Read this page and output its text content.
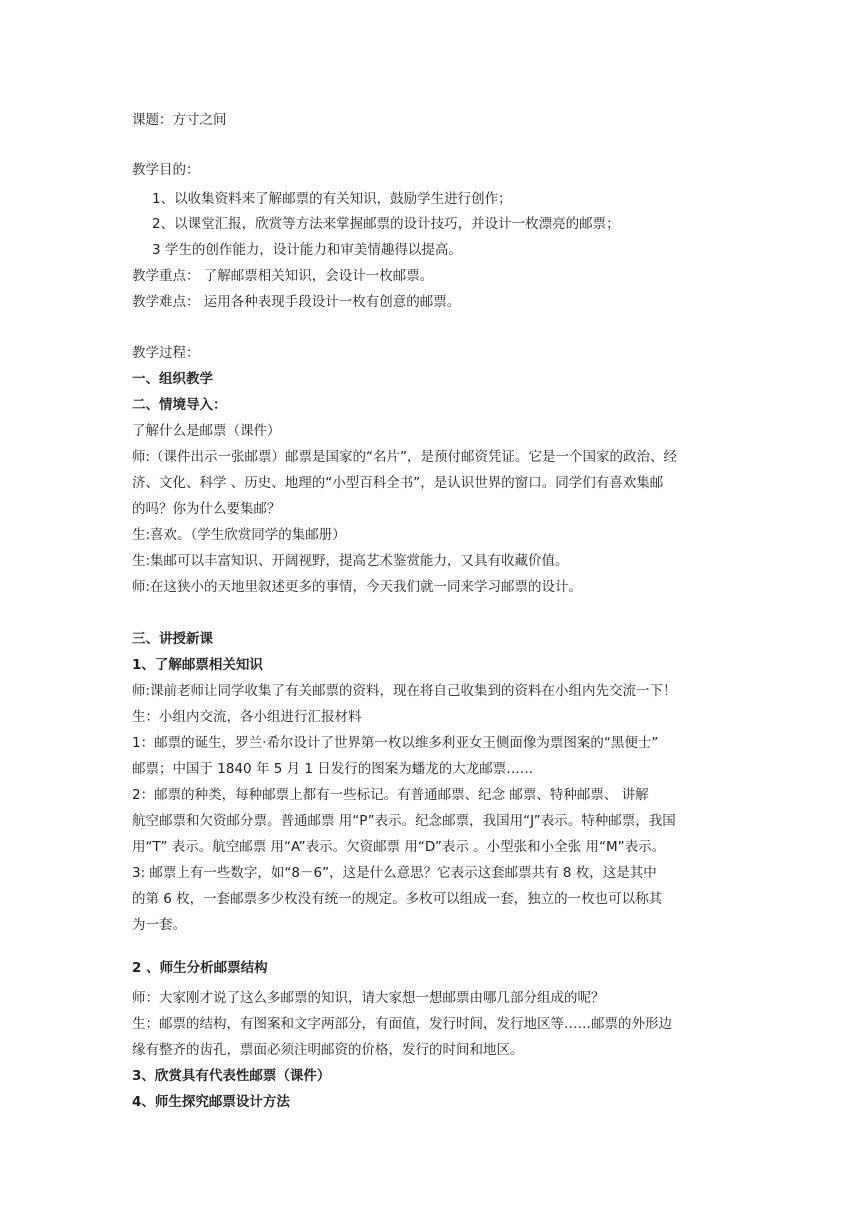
课题：方寸之间
教学目的：
1、以收集资料来了解邮票的有关知识，鼓励学生进行创作；
2、以课堂汇报，欣赏等方法来掌握邮票的设计技巧，并设计一枚漂亮的邮票；
3 学生的创作能力，设计能力和审美情趣得以提高。
教学重点： 了解邮票相关知识，会设计一枚邮票。
教学难点： 运用各种表现手段设计一枚有创意的邮票。
教学过程：
一、组织教学
二、情境导入：
了解什么是邮票（课件）
师:（课件出示一张邮票）邮票是国家的“名片”，是预付邮资凭证。它是一个国家的政治、经
济、文化、科学 、历史、地理的“小型百科全书”，是认识世界的窗口。同学们有喜欢集邮
的吗？你为什么要集邮？
生:喜欢。（学生欣赏同学的集邮册）
生:集邮可以丰富知识、开阔视野，提高艺术鉴赏能力，又具有收藏价值。
师:在这狭小的天地里叙述更多的事情，今天我们就一同来学习邮票的设计。
三、讲授新课
1、了解邮票相关知识
师:课前老师让同学收集了有关邮票的资料，现在将自己收集到的资料在小组内先交流一下！
生：小组内交流，各小组进行汇报材料
1：邮票的诞生，罗兰·希尔设计了世界第一枚以维多利亚女王侧面像为票图案的“黑便士”
邮票；中国于 1840 年 5 月 1 日发行的图案为蟠龙的大龙邮票……
2：邮票的种类，每种邮票上都有一些标记。有普通邮票、纪念 邮票、特种邮票、 讲解
航空邮票和欠资邮分票。普通邮票 用“P”表示。纪念邮票，我国用“J”表示。特种邮票，我国
用“T” 表示。航空邮票 用“A”表示。欠资邮票 用“D”表示 。小型张和小全张 用“M”表示。
3: 邮票上有一些数字，如“8－6”，这是什么意思？它表示这套邮票共有 8 枚，这是其中
的第 6 枚，一套邮票多少枚没有统一的规定。多枚可以组成一套，独立的一枚也可以称其
为一套。
2 、师生分析邮票结构
师：大家刚才说了这么多邮票的知识，请大家想一想邮票由哪几部分组成的呢？
生：邮票的结构，有图案和文字两部分，有面值，发行时间，发行地区等……邮票的外形边
缘有整齐的齿孔，票面必须注明邮资的价格，发行的时间和地区。
3、欣赏具有代表性邮票（课件）
4、师生探究邮票设计方法
